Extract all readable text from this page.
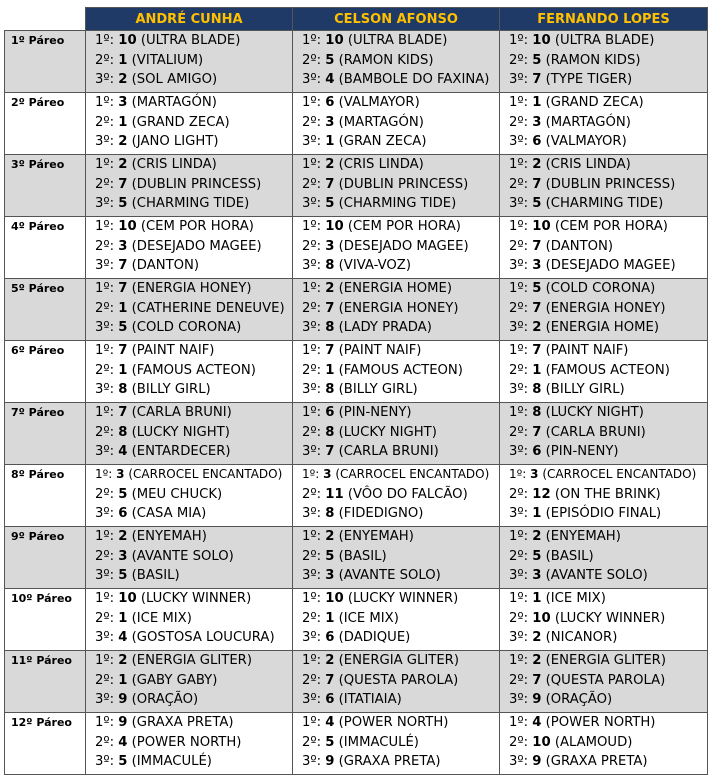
	ANDRÉ CUNHA	CELSON AFONSO	FERNANDO LOPES
1º Páreo	1º: 10 (ULTRA BLADE)
2º: 1 (VITALIUM)
3º: 2 (SOL AMIGO)	1º: 10 (ULTRA BLADE)
2º: 5 (RAMON KIDS)
3º: 4 (BAMBOLE DO FAXINA)	1º: 10 (ULTRA BLADE)
2º: 5 (RAMON KIDS)
3º: 7 (TYPE TIGER)

2º Páreo	1º: 3 (MARTAGÓN)
2º: 1 (GRAND ZECA)
3º: 2 (JANO LIGHT)	1º: 6 (VALMAYOR)
2º: 3 (MARTAGÓN)
3º: 1 (GRAN ZECA)	1º: 1 (GRAND ZECA)
2º: 3 (MARTAGÓN)
3º: 6 (VALMAYOR)

3º Páreo	1º: 2 (CRIS LINDA)
2º: 7 (DUBLIN PRINCESS)
3º: 5 (CHARMING TIDE)	1º: 2 (CRIS LINDA)
2º: 7 (DUBLIN PRINCESS)
3º: 5 (CHARMING TIDE)	1º: 2 (CRIS LINDA)
2º: 7 (DUBLIN PRINCESS)
3º: 5 (CHARMING TIDE)

4º Páreo	1º: 10 (CEM POR HORA)
2º: 3 (DESEJADO MAGEE)
3º: 7 (DANTON)	1º: 10 (CEM POR HORA)
2º: 3 (DESEJADO MAGEE)
3º: 8 (VIVA-VOZ)	1º: 10 (CEM POR HORA)
2º: 7 (DANTON)
3º: 3 (DESEJADO MAGEE)

5º Páreo	1º: 7 (ENERGIA HONEY)
2º: 1 (CATHERINE DENEUVE)
3º: 5 (COLD CORONA)	1º: 2 (ENERGIA HOME)
2º: 7 (ENERGIA HONEY)
3º: 8 (LADY PRADA)	1º: 5 (COLD CORONA)
2º: 7 (ENERGIA HONEY)
3º: 2 (ENERGIA HOME)

6º Páreo	1º: 7 (PAINT NAIF)
2º: 1 (FAMOUS ACTEON)
3º: 8 (BILLY GIRL)	1º: 7 (PAINT NAIF)
2º: 1 (FAMOUS ACTEON)
3º: 8 (BILLY GIRL)	1º: 7 (PAINT NAIF)
2º: 1 (FAMOUS ACTEON)
3º: 8 (BILLY GIRL)

7º Páreo	1º: 7 (CARLA BRUNI)
2º: 8 (LUCKY NIGHT)
3º: 4 (ENTARDECER)	1º: 6 (PIN-NENY)
2º: 8 (LUCKY NIGHT)
3º: 7 (CARLA BRUNI)	1º: 8 (LUCKY NIGHT)
2º: 7 (CARLA BRUNI)
3º: 6 (PIN-NENY)

8º Páreo	1º: 3 (CARROCEL ENCANTADO)
2º: 5 (MEU CHUCK)
3º: 6 (CASA MIA)	1º: 3 (CARROCEL ENCANTADO)
2º: 11 (VÔO DO FALCÃO)
3º: 8 (FIDEDIGNO)	1º: 3 (CARROCEL ENCANTADO)
2º: 12 (ON THE BRINK)
3º: 1 (EPISÓDIO FINAL)

9º Páreo	1º: 2 (ENYEMAH)
2º: 3 (AVANTE SOLO)
3º: 5 (BASIL)	1º: 2 (ENYEMAH)
2º: 5 (BASIL)
3º: 3 (AVANTE SOLO)	1º: 2 (ENYEMAH)
2º: 5 (BASIL)
3º: 3 (AVANTE SOLO)

10º Páreo	1º: 10 (LUCKY WINNER)
2º: 1 (ICE MIX)
3º: 4 (GOSTOSA LOUCURA)	1º: 10 (LUCKY WINNER)
2º: 1 (ICE MIX)
3º: 6 (DADIQUE)	1º: 1 (ICE MIX)
2º: 10 (LUCKY WINNER)
3º: 2 (NICANOR)

11º Páreo	1º: 2 (ENERGIA GLITER)
2º: 1 (GABY GABY)
3º: 9 (ORAÇÃO)	1º: 2 (ENERGIA GLITER)
2º: 7 (QUESTA PAROLA)
3º: 6 (ITATIAIA)	1º: 2 (ENERGIA GLITER)
2º: 7 (QUESTA PAROLA)
3º: 9 (ORAÇÃO)

12º Páreo	1º: 9 (GRAXA PRETA)
2º: 4 (POWER NORTH)
3º: 5 (IMMACULÉ)	1º: 4 (POWER NORTH)
2º: 5 (IMMACULÉ)
3º: 9 (GRAXA PRETA)	1º: 4 (POWER NORTH)
2º: 10 (ALAMOUD)
3º: 9 (GRAXA PRETA)
